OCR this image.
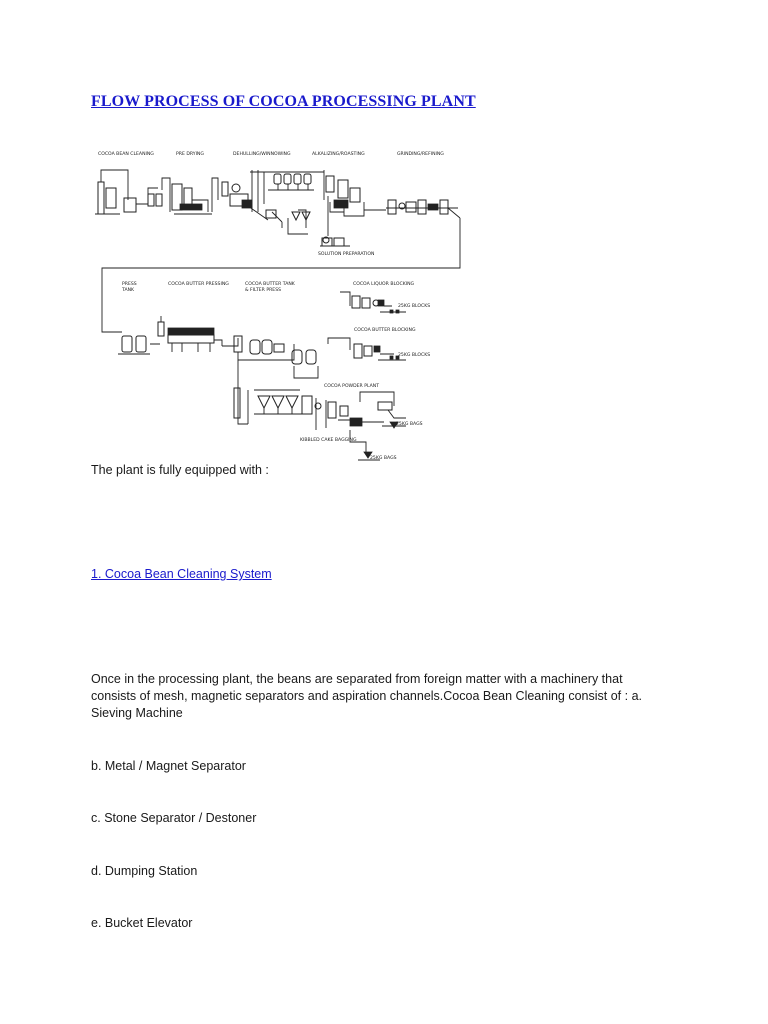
FLOW PROCESS OF COCOA PROCESSING PLANT
COCOA BEAN CLEANING	PRE DRYING	DEHULLING/WINNOWING	ALKALIZING/ROASTING	GRINDING/REFINING
SOLUTION PREPARATION
PRESS
TANK
COCOA BUTTER PRESSING	COCOA BUTTER TANK
& FILTER PRESS
COCOA LIQUOR BLOCKING
25KG BLOCKS
COCOA BUTTER BLOCKING
25KG BLOCKS
COCOA POWDER PLANT
25KG BAGS
KIBBLED CAKE BAGGING
25KG BAGS

The plant is fully equipped with :

1. Cocoa Bean Cleaning System

Once in the processing plant, the beans are separated from foreign matter with a machinery that consists of mesh, magnetic separators and aspiration channels.Cocoa Bean Cleaning consist of : a. Sieving Machine

b. Metal / Magnet Separator

c. Stone Separator / Destoner

d. Dumping Station

e. Bucket Elevator
